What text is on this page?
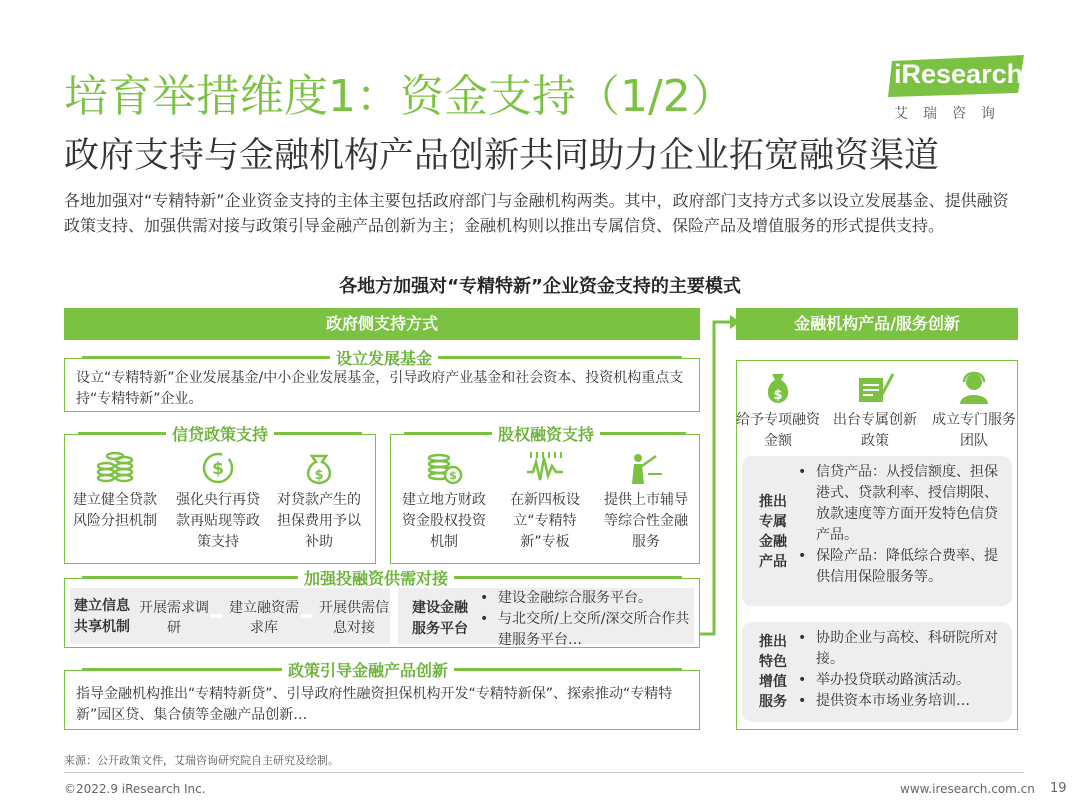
培育举措维度1：资金支持（1/2）
政府支持与金融机构产品创新共同助力企业拓宽融资渠道
iResearch
艾瑞咨询
各地加强对“专精特新”企业资金支持的主体主要包括政府部门与金融机构两类。其中，政府部门支持方式多以设立发展基金、提供融资政策支持、加强供需对接与政策引导金融产品创新为主；金融机构则以推出专属信贷、保险产品及增值服务的形式提供支持。
各地方加强对“专精特新”企业资金支持的主要模式
政府侧支持方式
设立发展基金
设立“专精特新”企业发展基金/中小企业发展基金，引导政府产业基金和社会资本、投资机构重点支持“专精特新”企业。
信贷政策支持
建立健全贷款风险分担机制
$
强化央行再贷款再贴现等政策支持
$
对贷款产生的担保费用予以补助
股权融资支持
$
建立地方财政资金股权投资机制
在新四板设立“专精特新”专板
提供上市辅导等综合性金融服务
加强投融资供需对接
建立信息共享机制
开展需求调研
➡ 建立融资需求库
➡ 开展供需信息对接
建设金融服务平台
• 建设金融综合服务平台。
• 与北交所/上交所/深交所合作共建服务平台…
政策引导金融产品创新
指导金融机构推出“专精特新贷”、引导政府性融资担保机构开发“专精特新保”、探索推动“专精特新”园区贷、集合债等金融产品创新…
金融机构产品/服务创新
$
给予专项融资金额
出台专属创新政策
成立专门服务团队
推出专属金融产品
• 信贷产品：从授信额度、担保港式、贷款利率、授信期限、放款速度等方面开发特色信贷产品。
• 保险产品：降低综合费率、提供信用保险服务等。
推出特色增值服务
• 协助企业与高校、科研院所对接。
• 举办投贷联动路演活动。
• 提供资本市场业务培训…
来源：公开政策文件，艾瑞咨询研究院自主研究及绘制。
©2022.9 iResearch Inc.	www.iresearch.com.cn 19
